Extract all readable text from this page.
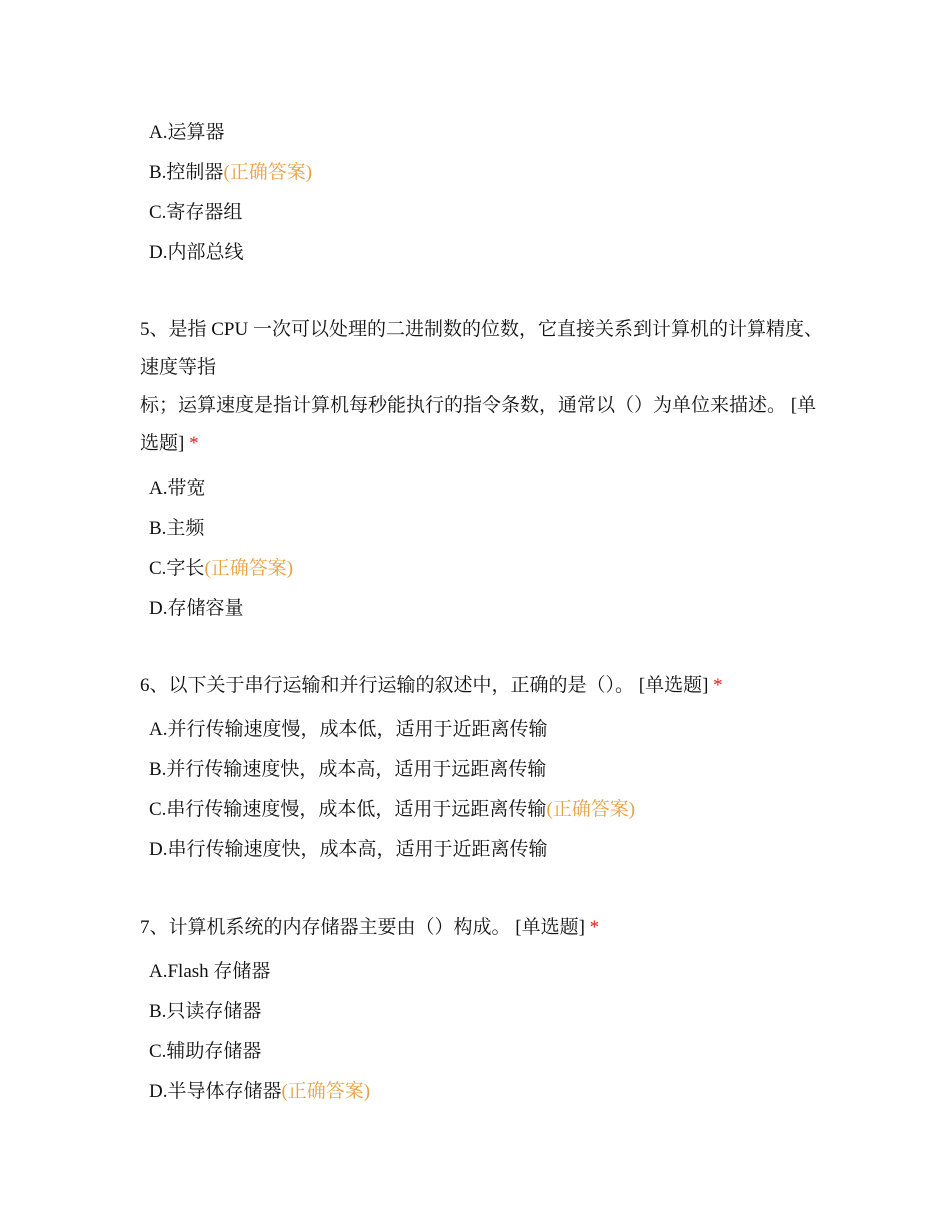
A.运算器
B.控制器(正确答案)
C.寄存器组
D.内部总线
5、是指 CPU 一次可以处理的二进制数的位数，它直接关系到计算机的计算精度、
速度等指
标；运算速度是指计算机每秒能执行的指令条数，通常以（）为单位来描述。 [单
选题] *
A.带宽
B.主频
C.字长(正确答案)
D.存储容量
6、以下关于串行运输和并行运输的叙述中，正确的是（）。 [单选题] *
A.并行传输速度慢，成本低，适用于近距离传输
B.并行传输速度快，成本高，适用于远距离传输
C.串行传输速度慢，成本低，适用于远距离传输(正确答案)
D.串行传输速度快，成本高，适用于近距离传输
7、计算机系统的内存储器主要由（）构成。 [单选题] *
A.Flash 存储器
B.只读存储器
C.辅助存储器
D.半导体存储器(正确答案)
